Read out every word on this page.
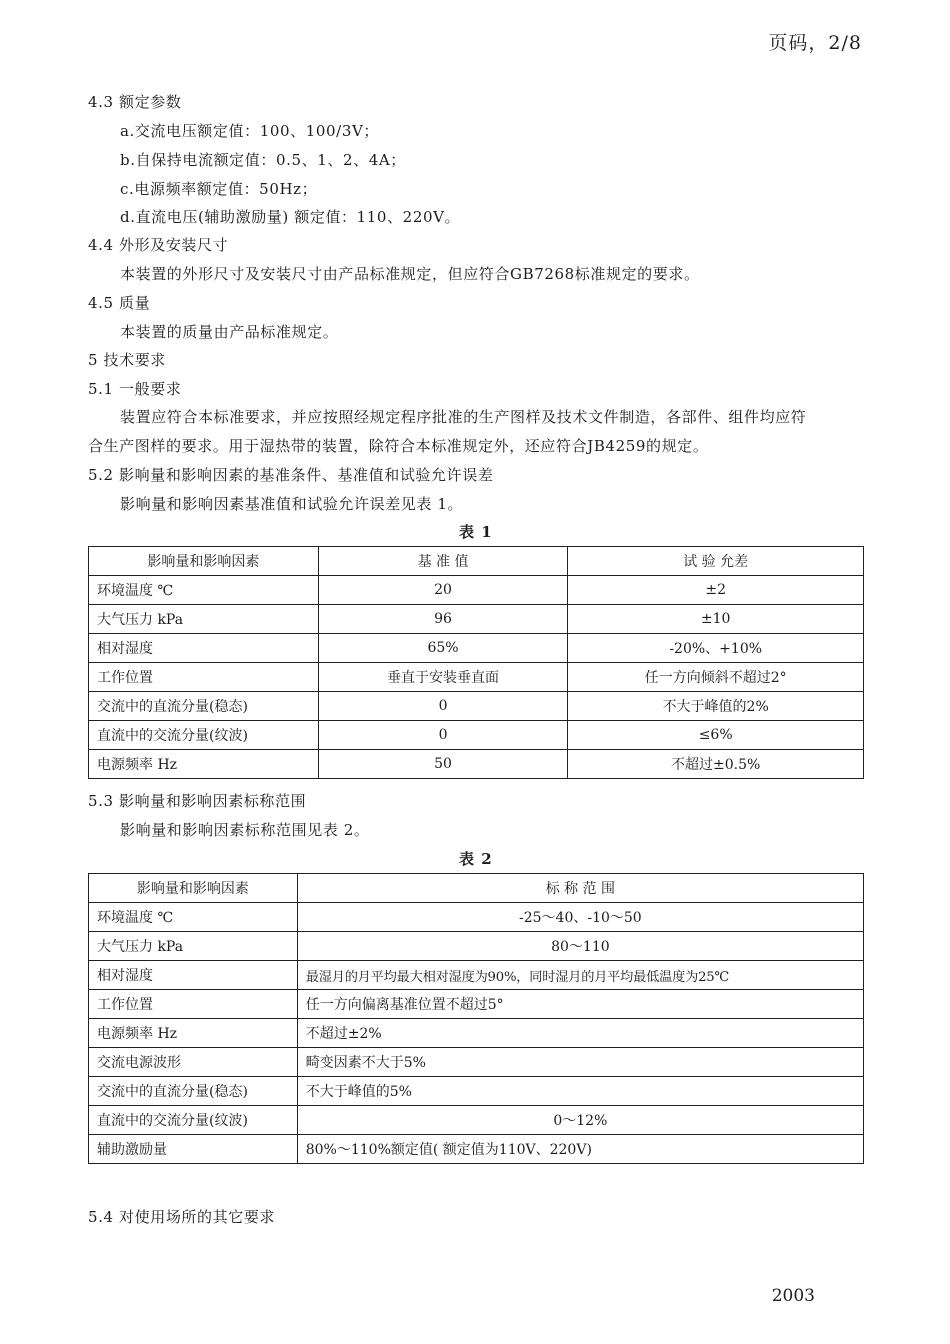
页码，2/8
4.3 额定参数
a.交流电压额定值：100、100/3V；
b.自保持电流额定值：0.5、1、2、4A；
c.电源频率额定值：50Hz；
d.直流电压(辅助激励量) 额定值：110、220V。
4.4 外形及安装尺寸
本装置的外形尺寸及安装尺寸由产品标准规定，但应符合GB7268标准规定的要求。
4.5 质量
本装置的质量由产品标准规定。
5 技术要求
5.1 一般要求
装置应符合本标准要求，并应按照经规定程序批准的生产图样及技术文件制造，各部件、组件均应符
合生产图样的要求。用于湿热带的装置，除符合本标准规定外，还应符合JB4259的规定。
5.2 影响量和影响因素的基准条件、基准值和试验允许误差
影响量和影响因素基准值和试验允许误差见表 1。
表 1
影响量和影响因素	基 准 值	试 验 允差
环境温度 ℃	20	±2
大气压力 kPa	96	±10
相对湿度	65%	-20%、+10%
工作位置	垂直于安装垂直面	任一方向倾斜不超过2°
交流中的直流分量(稳态)	0	不大于峰值的2%
直流中的交流分量(纹波)	0	≤6%
电源频率 Hz	50	不超过±0.5%
5.3 影响量和影响因素标称范围
影响量和影响因素标称范围见表 2。
表 2
影响量和影响因素	标 称 范 围
环境温度 ℃	-25～40、-10～50
大气压力 kPa	80～110
相对湿度	最湿月的月平均最大相对湿度为90%，同时湿月的月平均最低温度为25℃
工作位置	任一方向偏离基准位置不超过5°
电源频率 Hz	不超过±2%
交流电源波形	畸变因素不大于5%
交流中的直流分量(稳态)	不大于峰值的5%
直流中的交流分量(纹波)	0～12%
辅助激励量	80%～110%额定值( 额定值为110V、220V)
5.4 对使用场所的其它要求
2003
